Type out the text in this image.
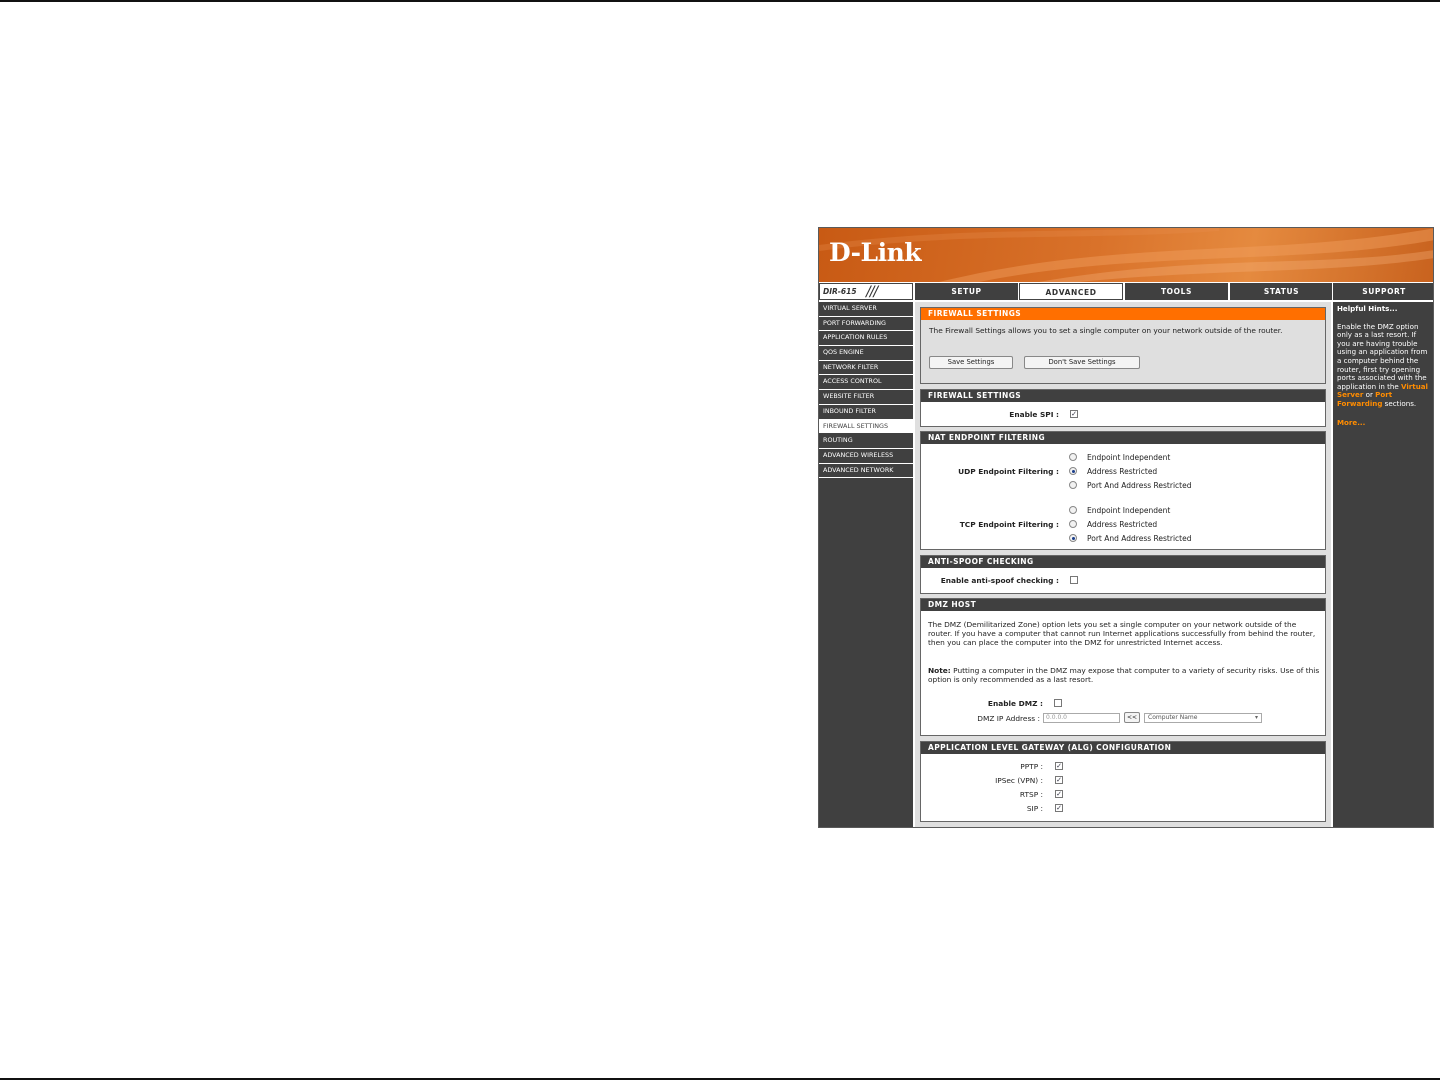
D-Link
DIR-615 ///	SETUP	ADVANCED	TOOLS	STATUS	SUPPORT
VIRTUAL SERVER
PORT FORWARDING
APPLICATION RULES
QOS ENGINE
NETWORK FILTER
ACCESS CONTROL
WEBSITE FILTER
INBOUND FILTER
FIREWALL SETTINGS
ROUTING
ADVANCED WIRELESS
ADVANCED NETWORK
FIREWALL SETTINGS
The Firewall Settings allows you to set a single computer on your network outside of the router.
Save Settings	Don't Save Settings
FIREWALL SETTINGS
Enable SPI : ✓
NAT ENDPOINT FILTERING
UDP Endpoint Filtering :
Endpoint Independent
Address Restricted
Port And Address Restricted
TCP Endpoint Filtering :
Endpoint Independent
Address Restricted
Port And Address Restricted
ANTI-SPOOF CHECKING
Enable anti-spoof checking :
DMZ HOST
The DMZ (Demilitarized Zone) option lets you set a single computer on your network outside of the router. If you have a computer that cannot run Internet applications successfully from behind the router, then you can place the computer into the DMZ for unrestricted Internet access.
Note: Putting a computer in the DMZ may expose that computer to a variety of security risks. Use of this option is only recommended as a last resort.
Enable DMZ :
DMZ IP Address :	0.0.0.0	<<	Computer Name	▾
APPLICATION LEVEL GATEWAY (ALG) CONFIGURATION
PPTP : ✓
IPSec (VPN) : ✓
RTSP : ✓
SIP : ✓
Helpful Hints...
Enable the DMZ option only as a last resort. If you are having trouble using an application from a computer behind the router, first try opening ports associated with the application in the Virtual Server or Port Forwarding sections.
More...
